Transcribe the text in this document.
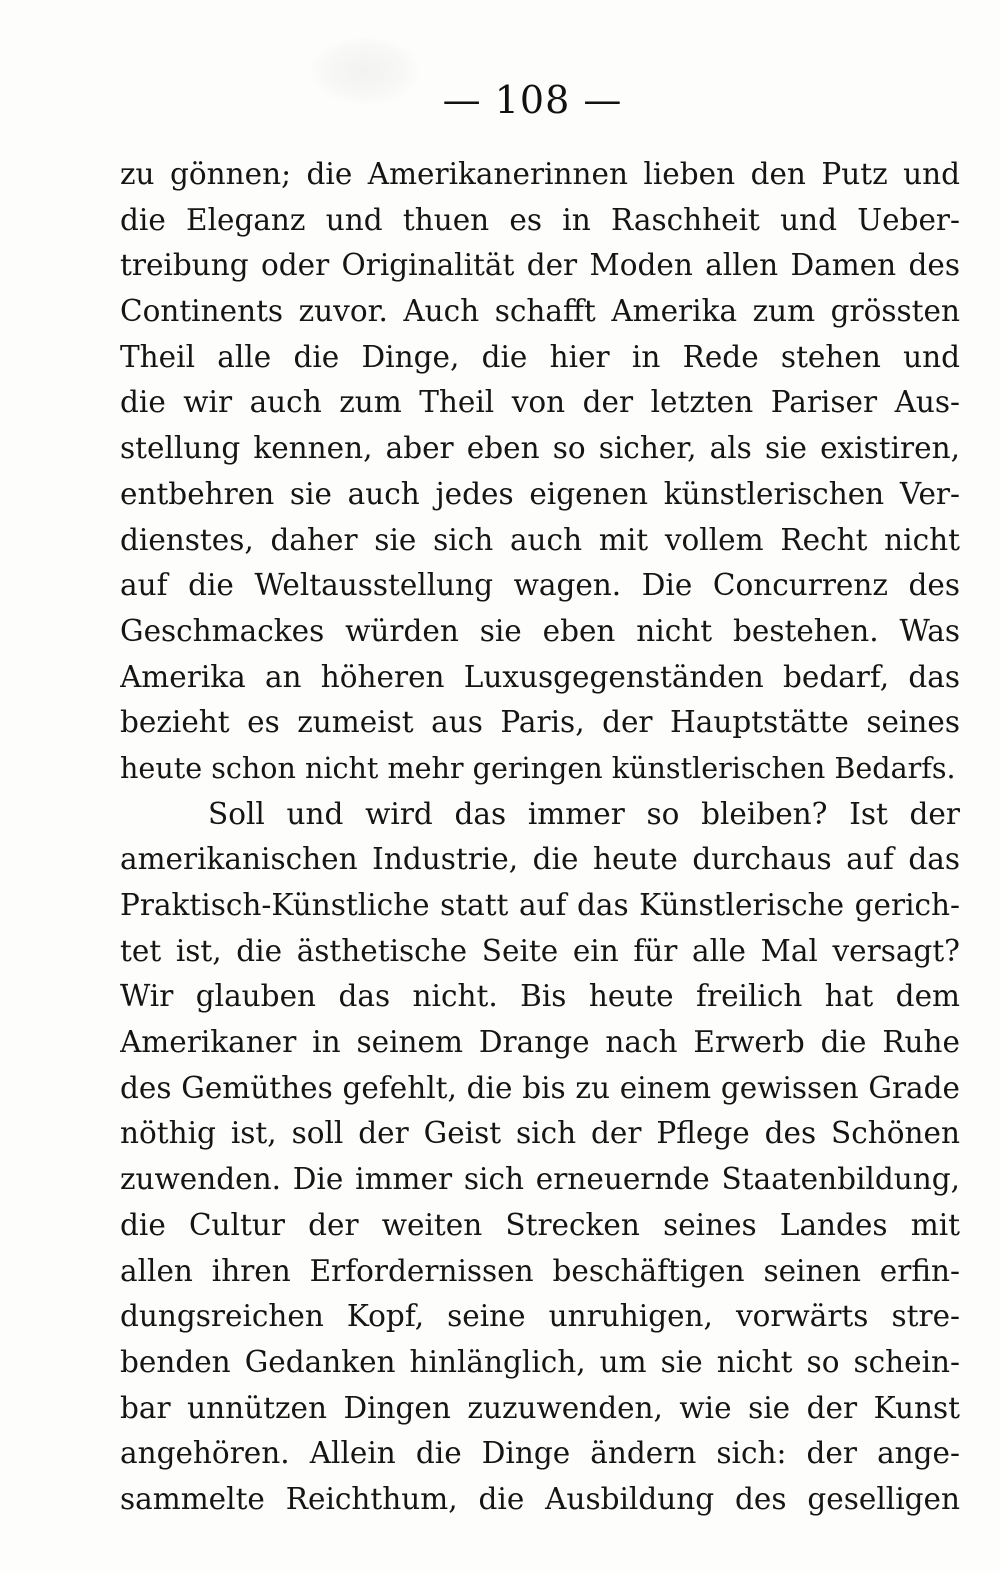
— 108 —
zu gönnen; die Amerikanerinnen lieben den Putz und
die Eleganz und thuen es in Raschheit und Ueber-
treibung oder Originalität der Moden allen Damen des
Continents zuvor. Auch schafft Amerika zum grössten
Theil alle die Dinge, die hier in Rede stehen und
die wir auch zum Theil von der letzten Pariser Aus-
stellung kennen, aber eben so sicher, als sie existiren,
entbehren sie auch jedes eigenen künstlerischen Ver-
dienstes, daher sie sich auch mit vollem Recht nicht
auf die Weltausstellung wagen. Die Concurrenz des
Geschmackes würden sie eben nicht bestehen. Was
Amerika an höheren Luxusgegenständen bedarf, das
bezieht es zumeist aus Paris, der Hauptstätte seines
heute schon nicht mehr geringen künstlerischen Bedarfs.
Soll und wird das immer so bleiben? Ist der
amerikanischen Industrie, die heute durchaus auf das
Praktisch-Künstliche statt auf das Künstlerische gerich-
tet ist, die ästhetische Seite ein für alle Mal versagt?
Wir glauben das nicht. Bis heute freilich hat dem
Amerikaner in seinem Drange nach Erwerb die Ruhe
des Gemüthes gefehlt, die bis zu einem gewissen Grade
nöthig ist, soll der Geist sich der Pflege des Schönen
zuwenden. Die immer sich erneuernde Staatenbildung,
die Cultur der weiten Strecken seines Landes mit
allen ihren Erfordernissen beschäftigen seinen erfin-
dungsreichen Kopf, seine unruhigen, vorwärts stre-
benden Gedanken hinlänglich, um sie nicht so schein-
bar unnützen Dingen zuzuwenden, wie sie der Kunst
angehören. Allein die Dinge ändern sich: der ange-
sammelte Reichthum, die Ausbildung des geselligen
